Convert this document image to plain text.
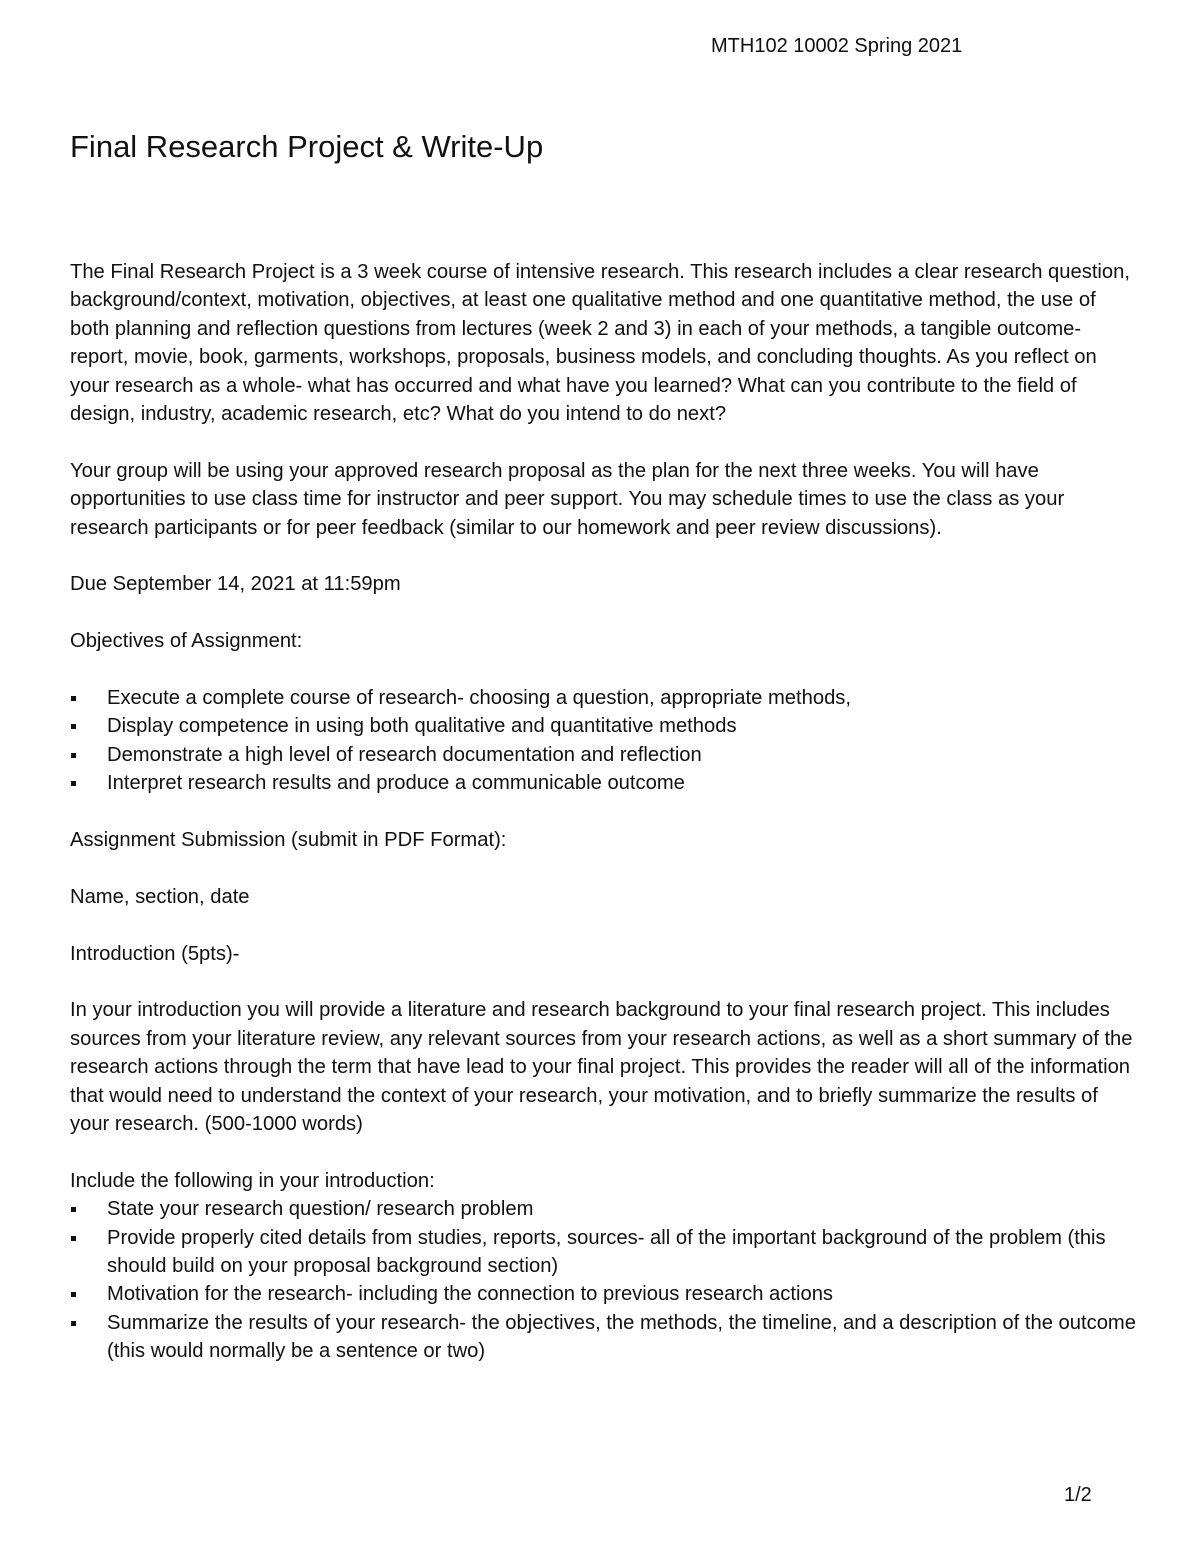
MTH102 10002 Spring 2021
Final Research Project & Write-Up

The Final Research Project is a 3 week course of intensive research. This research includes a clear research question, background/context, motivation, objectives, at least one qualitative method and one quantitative method, the use of both planning and reflection questions from lectures (week 2 and 3) in each of your methods, a tangible outcome- report, movie, book, garments, workshops, proposals, business models, and concluding thoughts. As you reflect on your research as a whole- what has occurred and what have you learned? What can you contribute to the field of design, industry, academic research, etc? What do you intend to do next?

Your group will be using your approved research proposal as the plan for the next three weeks. You will have opportunities to use class time for instructor and peer support. You may schedule times to use the class as your research participants or for peer feedback (similar to our homework and peer review discussions).

Due September 14, 2021 at 11:59pm

Objectives of Assignment:

Execute a complete course of research- choosing a question, appropriate methods,
Display competence in using both qualitative and quantitative methods
Demonstrate a high level of research documentation and reflection
Interpret research results and produce a communicable outcome

Assignment Submission (submit in PDF Format):

Name, section, date

Introduction (5pts)-

In your introduction you will provide a literature and research background to your final research project. This includes sources from your literature review, any relevant sources from your research actions, as well as a short summary of the research actions through the term that have lead to your final project. This provides the reader will all of the information that would need to understand the context of your research, your motivation, and to briefly summarize the results of your research. (500-1000 words)

Include the following in your introduction:

State your research question/ research problem
Provide properly cited details from studies, reports, sources- all of the important background of the problem (this should build on your proposal background section)
Motivation for the research- including the connection to previous research actions
Summarize the results of your research- the objectives, the methods, the timeline, and a description of the outcome (this would normally be a sentence or two)
1/2
